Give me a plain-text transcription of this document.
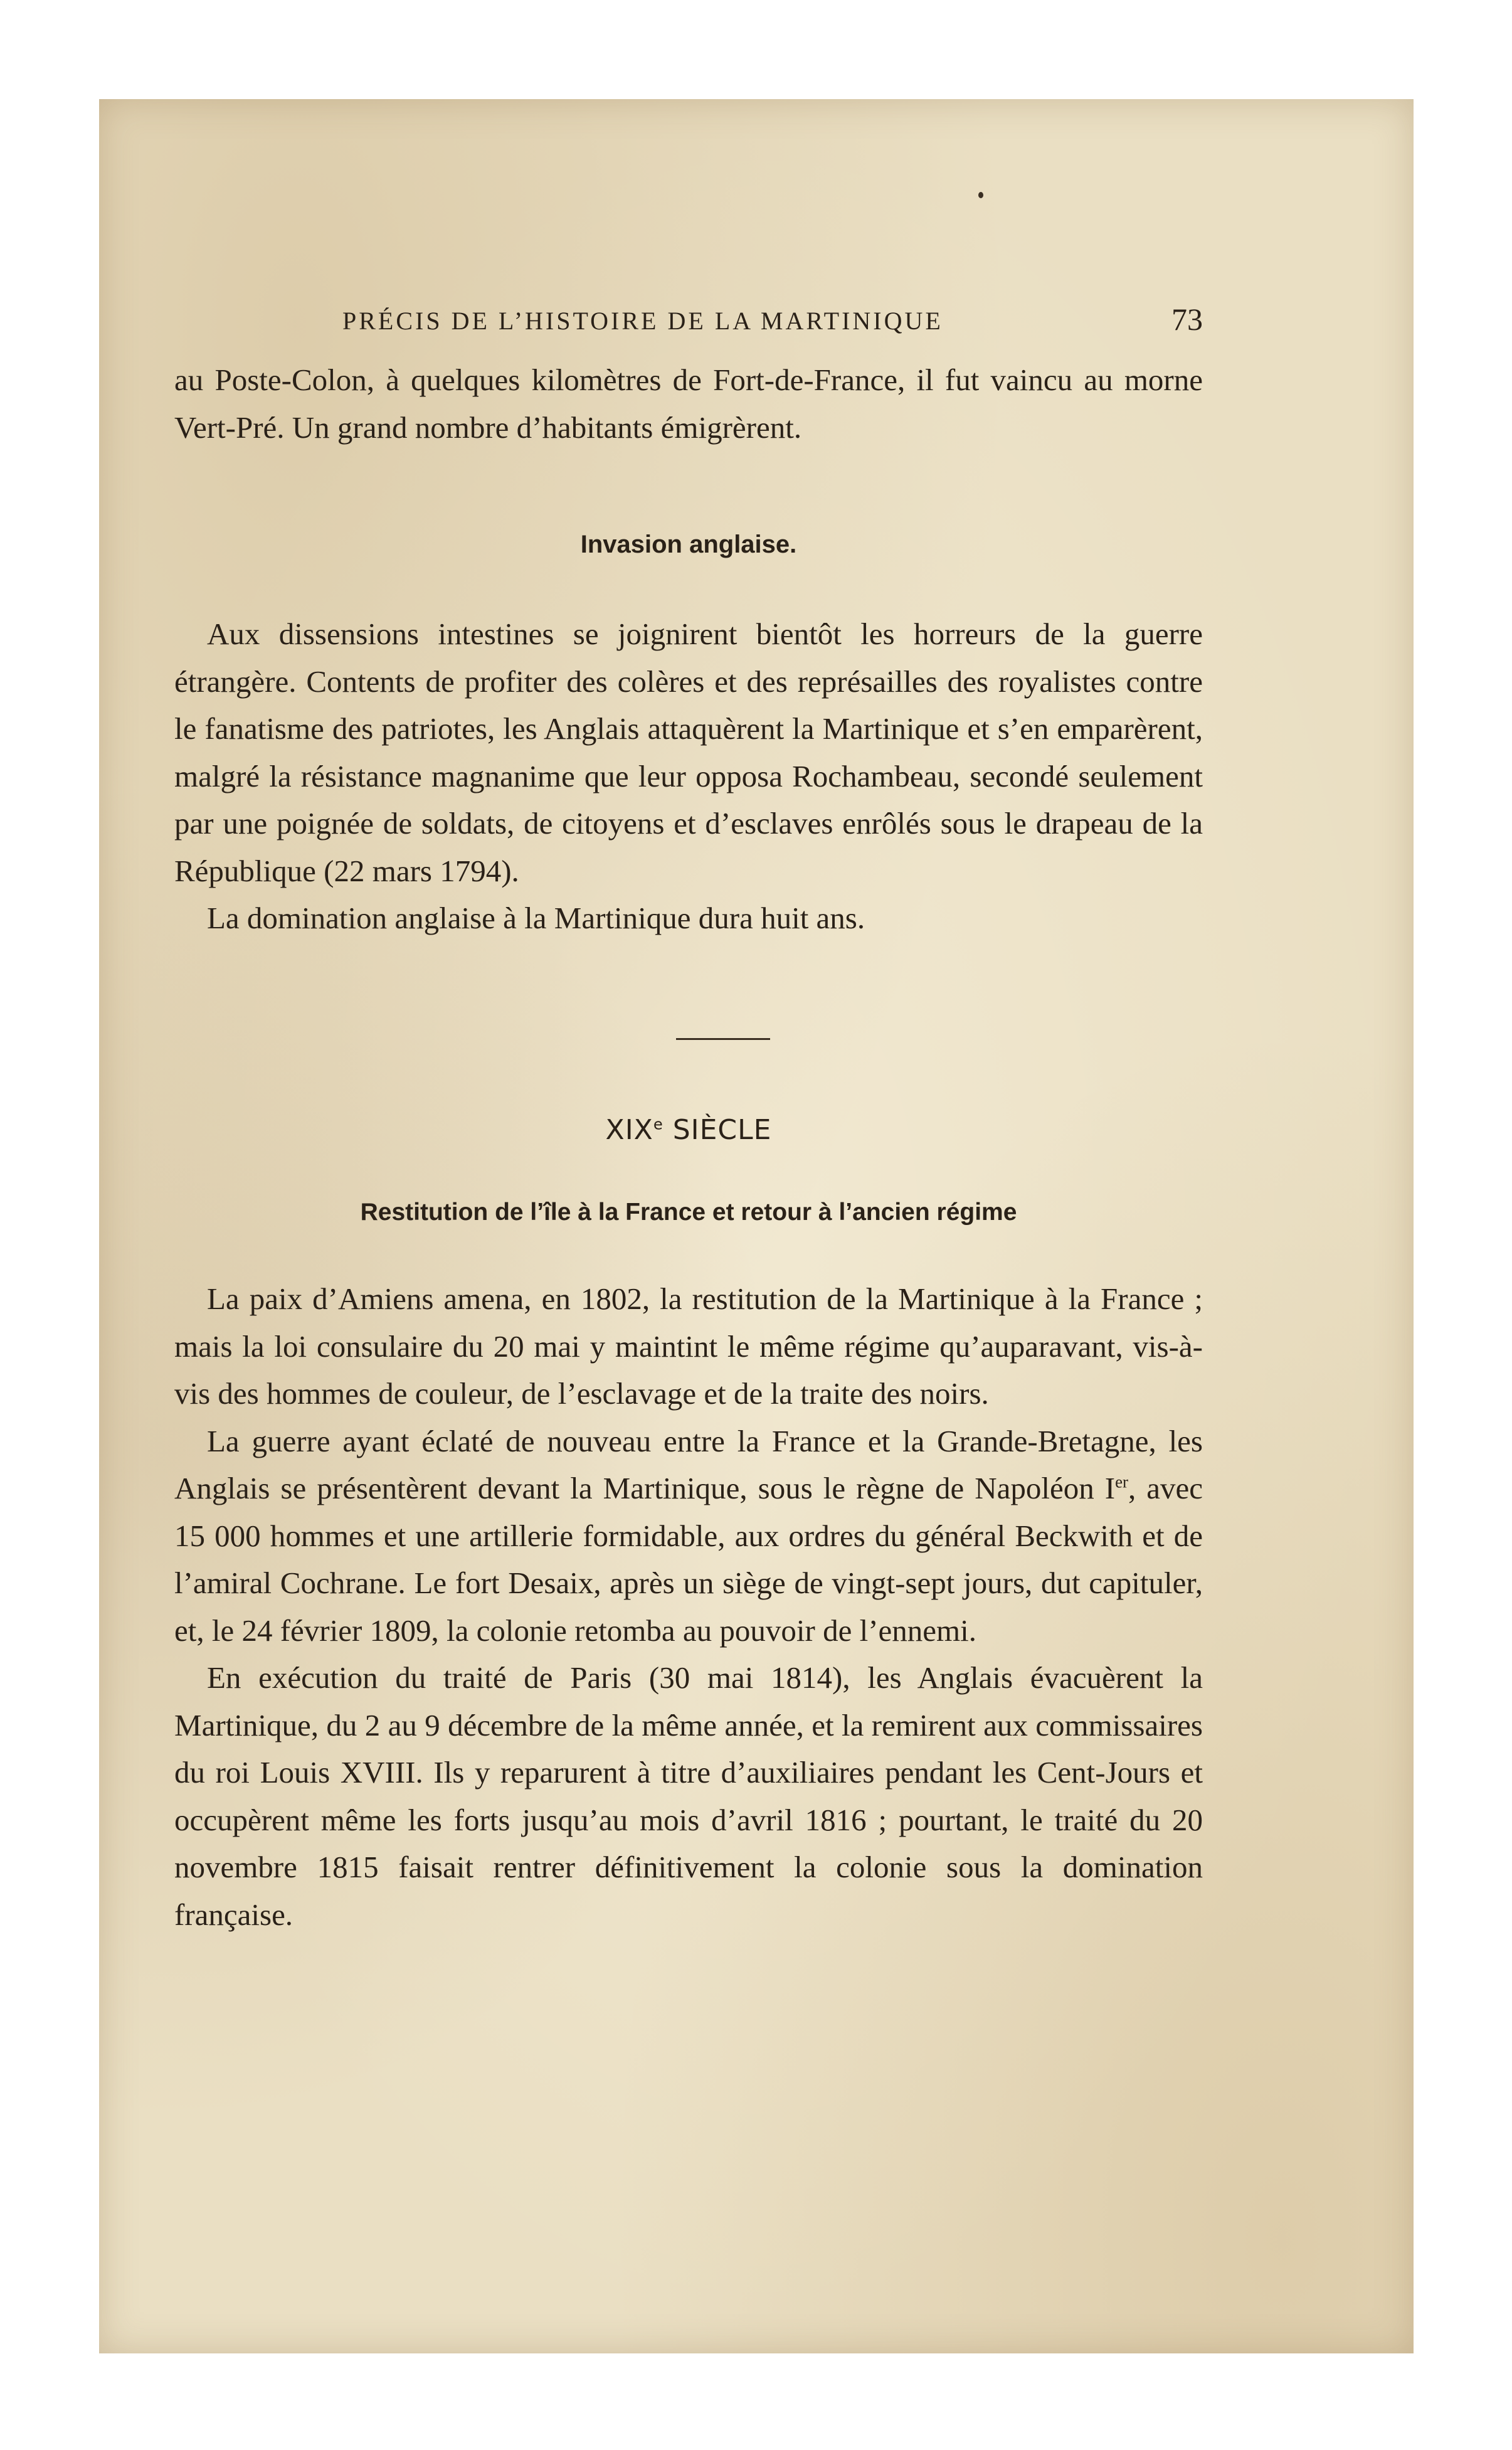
PRÉCIS DE L’HISTOIRE DE LA MARTINIQUE	73

au Poste-Colon, à quelques kilomètres de Fort-de-France, il fut vaincu au morne Vert-Pré. Un grand nombre d’habitants émigrèrent.

Invasion anglaise.

Aux dissensions intestines se joignirent bientôt les horreurs de la guerre étrangère. Contents de profiter des colères et des représailles des royalistes contre le fanatisme des patriotes, les Anglais attaquèrent la Martinique et s’en emparèrent, malgré la résistance magnanime que leur opposa Rochambeau, secondé seulement par une poignée de soldats, de citoyens et d’esclaves enrôlés sous le drapeau de la République (22 mars 1794).

La domination anglaise à la Martinique dura huit ans.

XIXe SIÈCLE
Restitution de l’île à la France et retour à l’ancien régime

La paix d’Amiens amena, en 1802, la restitution de la Martinique à la France ; mais la loi consulaire du 20 mai y maintint le même régime qu’auparavant, vis-à-vis des hommes de couleur, de l’esclavage et de la traite des noirs.

La guerre ayant éclaté de nouveau entre la France et la Grande-Bretagne, les Anglais se présentèrent devant la Martinique, sous le règne de Napoléon Ier, avec 15 000 hommes et une artillerie formidable, aux ordres du général Beckwith et de l’amiral Cochrane. Le fort Desaix, après un siège de vingt-sept jours, dut capituler, et, le 24 février 1809, la colonie retomba au pouvoir de l’ennemi.

En exécution du traité de Paris (30 mai 1814), les Anglais évacuèrent la Martinique, du 2 au 9 décembre de la même année, et la remirent aux commissaires du roi Louis XVIII. Ils y reparurent à titre d’auxiliaires pendant les Cent-Jours et occupèrent même les forts jusqu’au mois d’avril 1816 ; pourtant, le traité du 20 novembre 1815 faisait rentrer définitivement la colonie sous la domination française.
